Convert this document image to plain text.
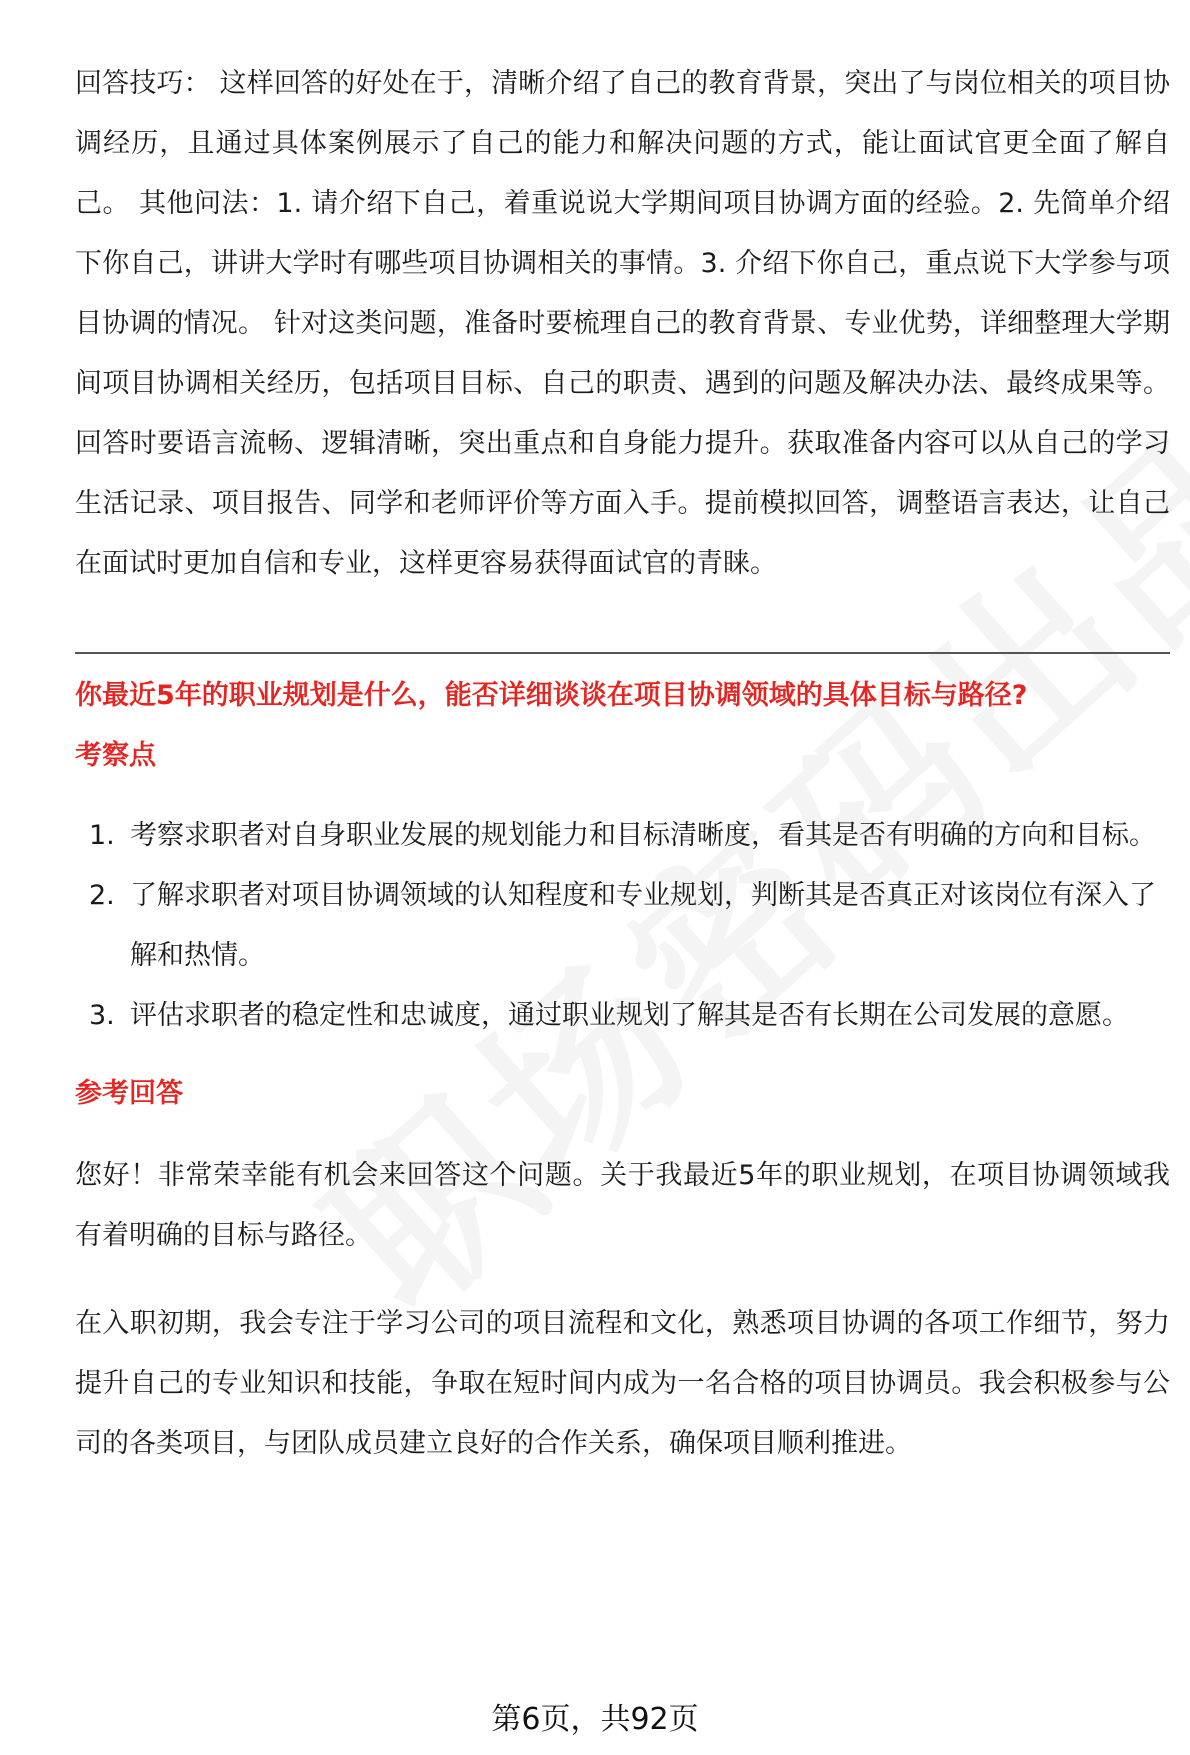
回答技巧： 这样回答的好处在于，清晰介绍了自己的教育背景，突出了与岗位相关的项目协调经历，且通过具体案例展示了自己的能力和解决问题的方式，能让面试官更全面了解自己。 其他问法：1. 请介绍下自己，着重说说大学期间项目协调方面的经验。2. 先简单介绍下你自己，讲讲大学时有哪些项目协调相关的事情。3. 介绍下你自己，重点说下大学参与项目协调的情况。 针对这类问题，准备时要梳理自己的教育背景、专业优势，详细整理大学期间项目协调相关经历，包括项目目标、自己的职责、遇到的问题及解决办法、最终成果等。回答时要语言流畅、逻辑清晰，突出重点和自身能力提升。获取准备内容可以从自己的学习生活记录、项目报告、同学和老师评价等方面入手。提前模拟回答，调整语言表达，让自己在面试时更加自信和专业，这样更容易获得面试官的青睐。

你最近5年的职业规划是什么，能否详细谈谈在项目协调领域的具体目标与路径?
考察点
1. 考察求职者对自身职业发展的规划能力和目标清晰度，看其是否有明确的方向和目标。
2. 了解求职者对项目协调领域的认知程度和专业规划，判断其是否真正对该岗位有深入了解和热情。
3. 评估求职者的稳定性和忠诚度，通过职业规划了解其是否有长期在公司发展的意愿。
参考回答

您好！非常荣幸能有机会来回答这个问题。关于我最近5年的职业规划，在项目协调领域我有着明确的目标与路径。

在入职初期，我会专注于学习公司的项目流程和文化，熟悉项目协调的各项工作细节，努力提升自己的专业知识和技能，争取在短时间内成为一名合格的项目协调员。我会积极参与公司的各类项目，与团队成员建立良好的合作关系，确保项目顺利推进。

第6页，共92页
